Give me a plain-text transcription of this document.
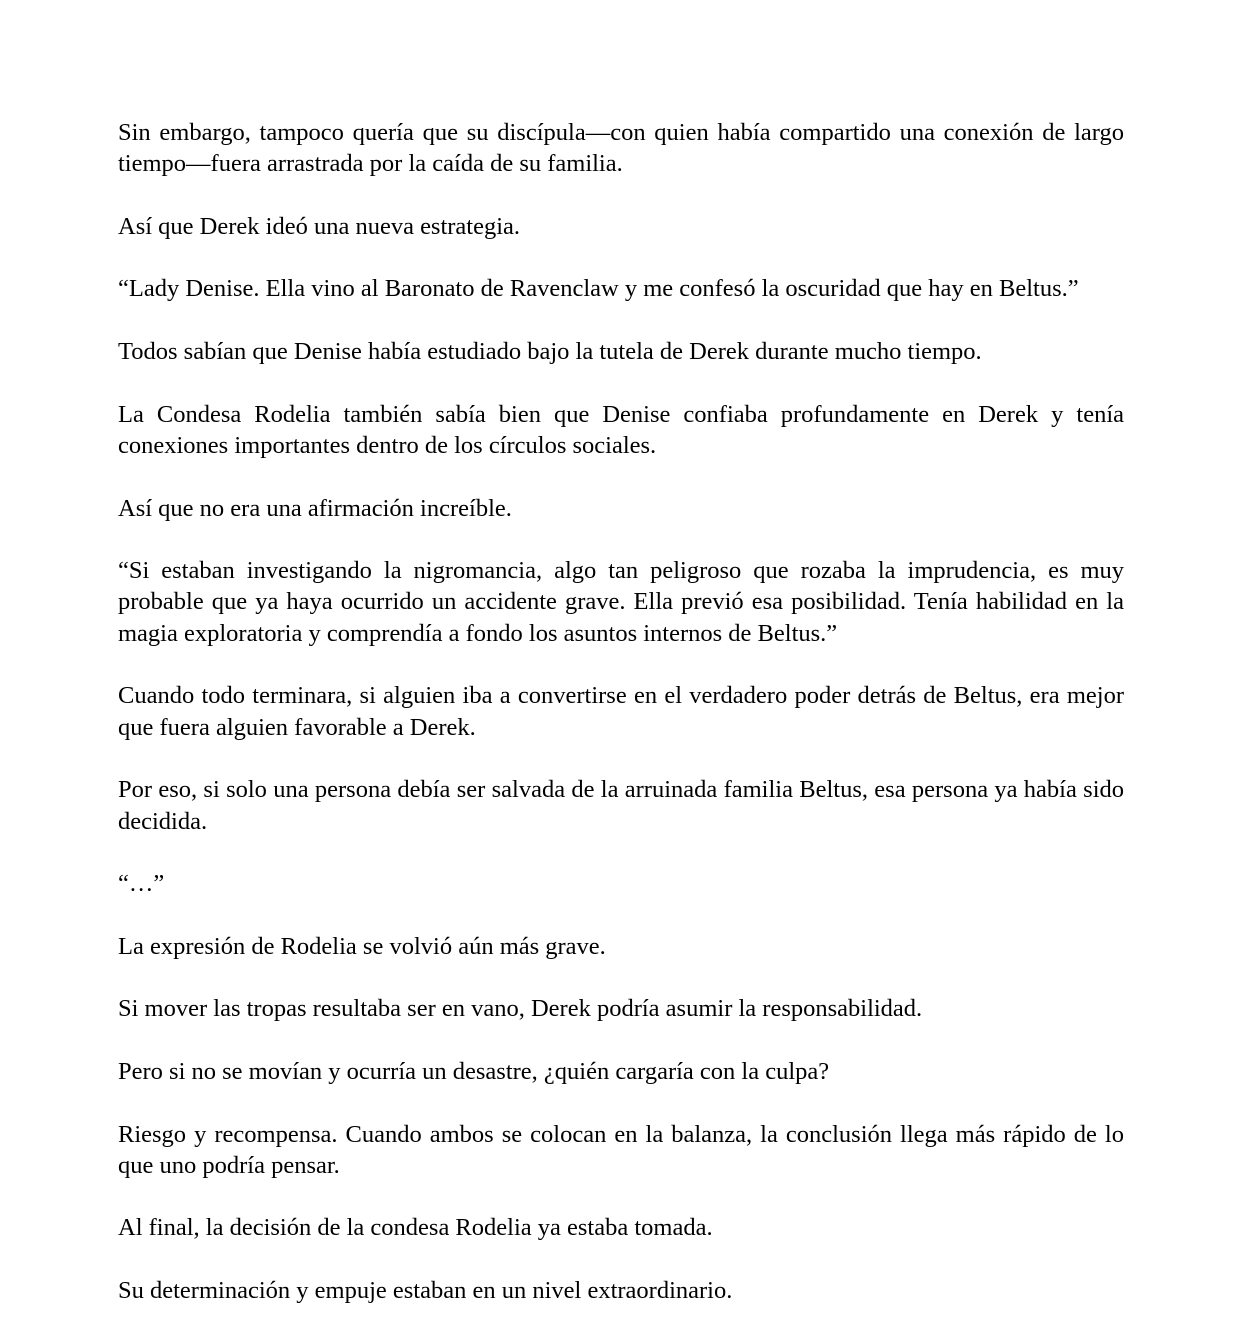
Sin embargo, tampoco quería que su discípula—con quien había compartido una conexión de largo tiempo—fuera arrastrada por la caída de su familia.

Así que Derek ideó una nueva estrategia.

“Lady Denise. Ella vino al Baronato de Ravenclaw y me confesó la oscuridad que hay en Beltus.”

Todos sabían que Denise había estudiado bajo la tutela de Derek durante mucho tiempo.

La Condesa Rodelia también sabía bien que Denise confiaba profundamente en Derek y tenía conexiones importantes dentro de los círculos sociales.

Así que no era una afirmación increíble.

“Si estaban investigando la nigromancia, algo tan peligroso que rozaba la imprudencia, es muy probable que ya haya ocurrido un accidente grave. Ella previó esa posibilidad. Tenía habilidad en la magia exploratoria y comprendía a fondo los asuntos internos de Beltus.”

Cuando todo terminara, si alguien iba a convertirse en el verdadero poder detrás de Beltus, era mejor que fuera alguien favorable a Derek.

Por eso, si solo una persona debía ser salvada de la arruinada familia Beltus, esa persona ya había sido decidida.

“…”

La expresión de Rodelia se volvió aún más grave.

Si mover las tropas resultaba ser en vano, Derek podría asumir la responsabilidad.

Pero si no se movían y ocurría un desastre, ¿quién cargaría con la culpa?

Riesgo y recompensa. Cuando ambos se colocan en la balanza, la conclusión llega más rápido de lo que uno podría pensar.

Al final, la decisión de la condesa Rodelia ya estaba tomada.

Su determinación y empuje estaban en un nivel extraordinario.
